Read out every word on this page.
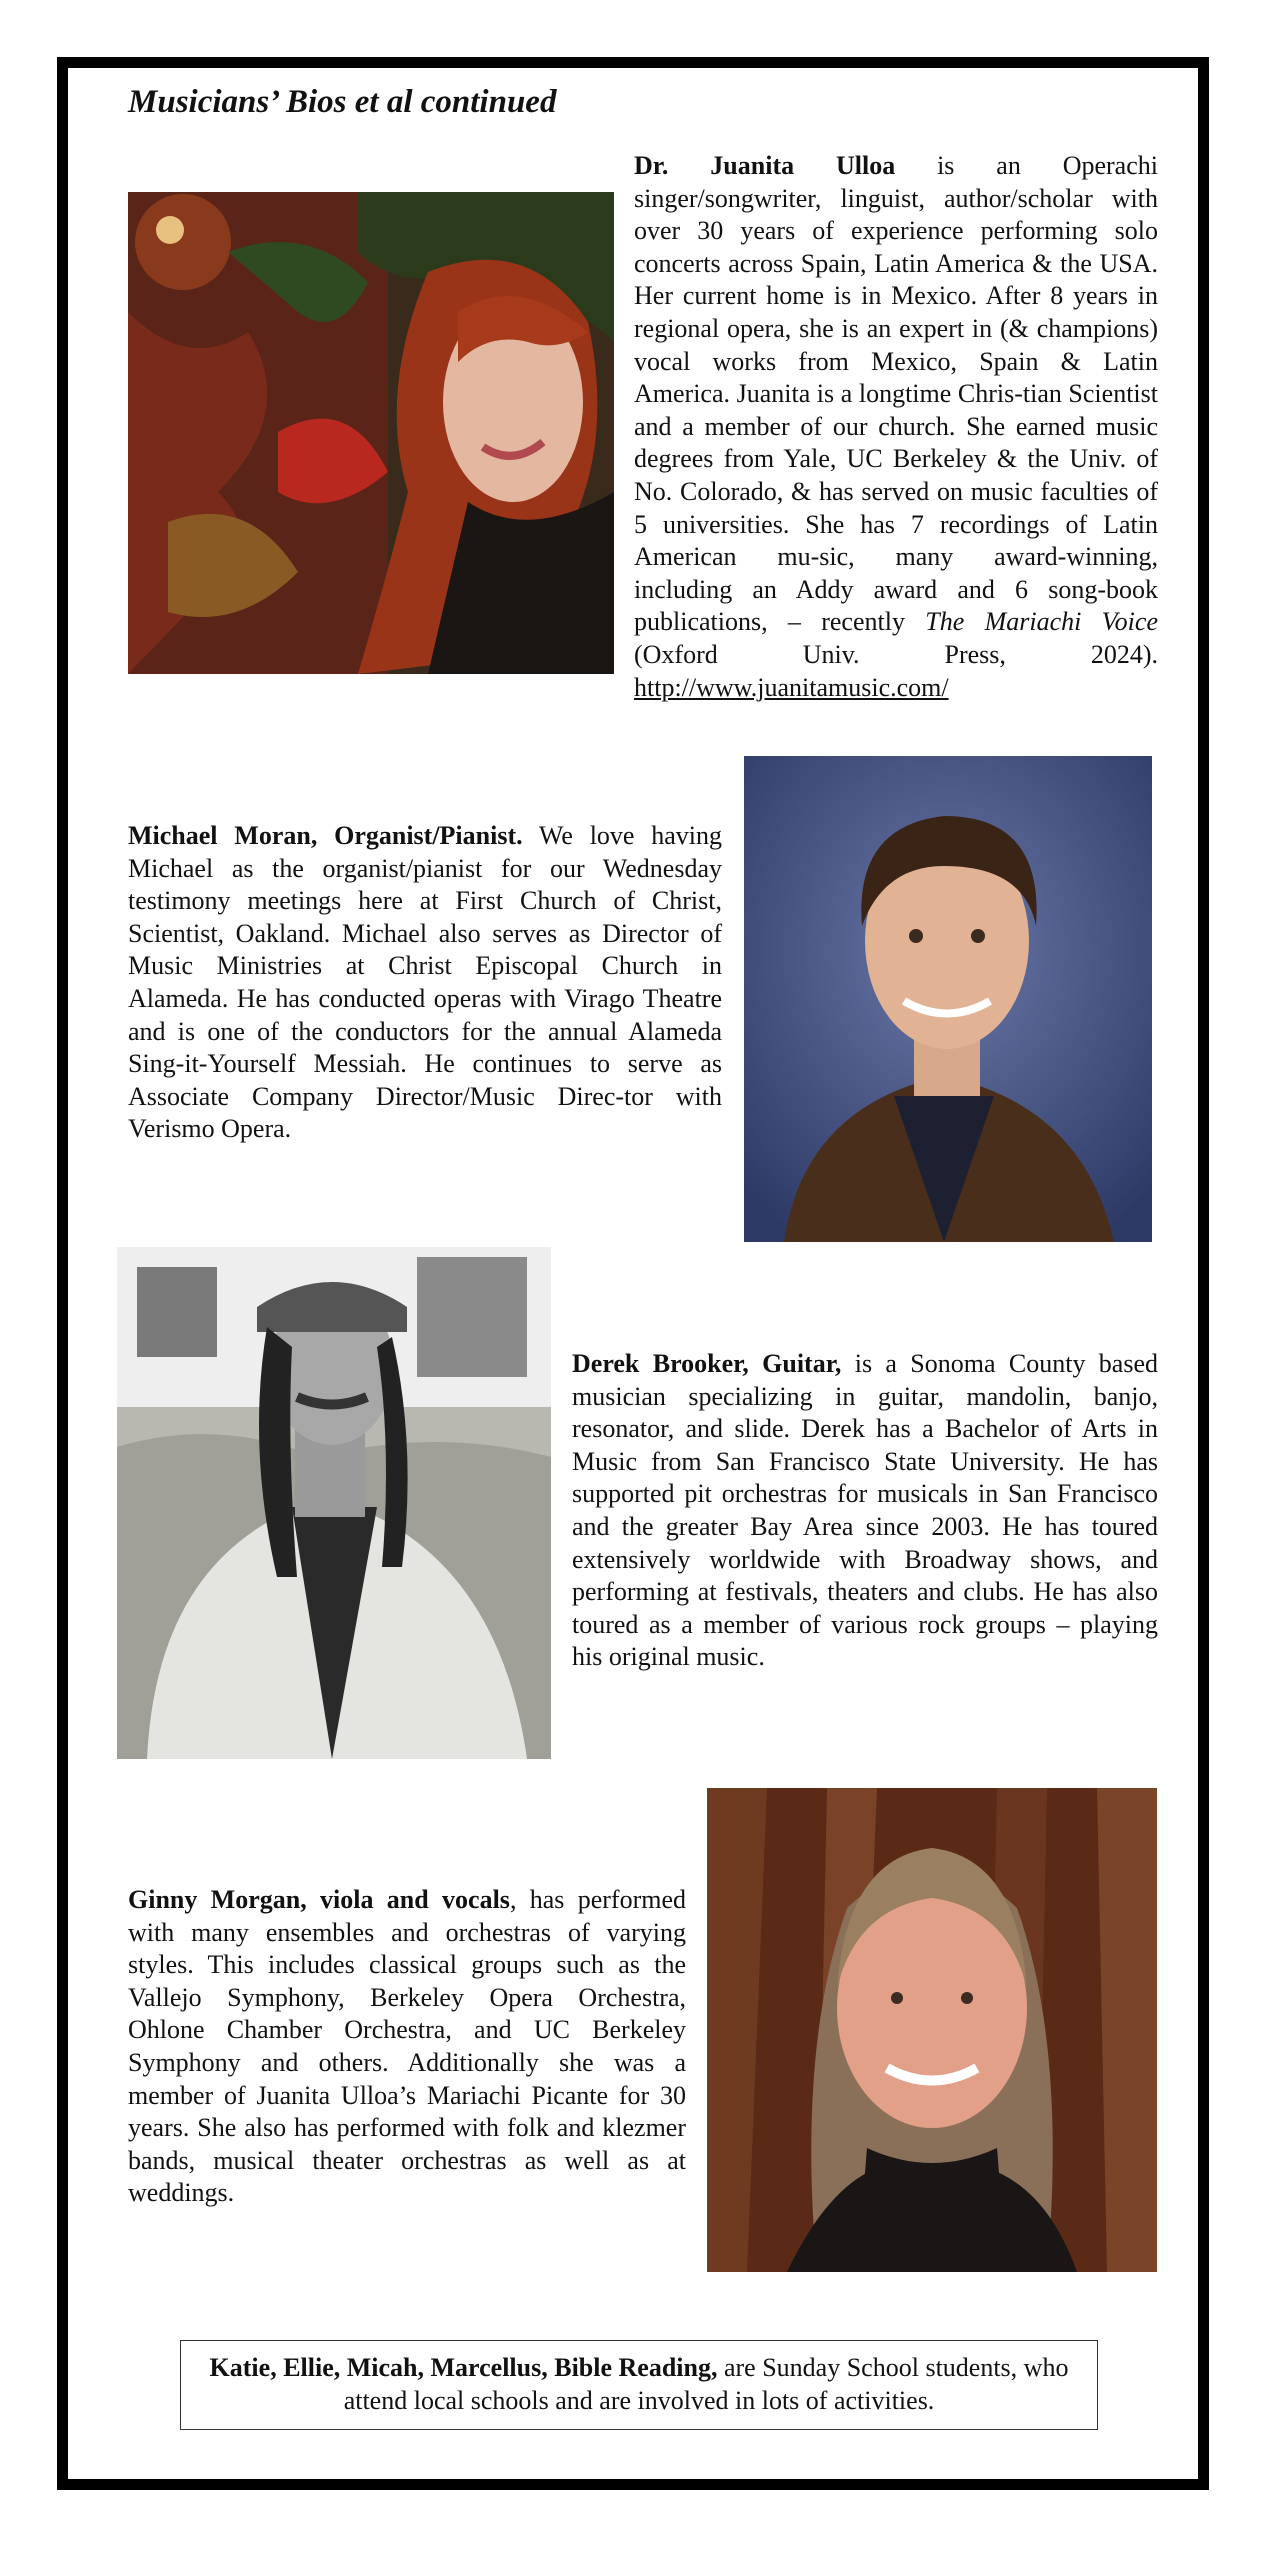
Musicians’ Bios et al continued

Dr. Juanita Ulloa is an Operachi singer/songwriter, linguist, author/scholar with over 30 years of experience performing solo concerts across Spain, Latin America & the USA. Her current home is in Mexico. After 8 years in regional opera, she is an expert in (& champions) vocal works from Mexico, Spain & Latin America. Juanita is a longtime Chris-tian Scientist and a member of our church. She earned music degrees from Yale, UC Berkeley & the Univ. of No. Colorado, & has served on music faculties of 5 universities. She has 7 recordings of Latin American mu-sic, many award-winning, including an Addy award and 6 song-book publications, – recently The Mariachi Voice (Oxford Univ. Press, 2024). http://www.juanitamusic.com/

Michael Moran, Organist/Pianist. We love having Michael as the organist/pianist for our Wednesday testimony meetings here at First Church of Christ, Scientist, Oakland. Michael also serves as Director of Music Ministries at Christ Episcopal Church in Alameda. He has conducted operas with Virago Theatre and is one of the conductors for the annual Alameda Sing-it-Yourself Messiah. He continues to serve as Associate Company Director/Music Direc-tor with Verismo Opera.

Derek Brooker, Guitar, is a Sonoma County based musician specializing in guitar, mandolin, banjo, resonator, and slide. Derek has a Bachelor of Arts in Music from San Francisco State University. He has supported pit orchestras for musicals in San Francisco and the greater Bay Area since 2003. He has toured extensively worldwide with Broadway shows, and performing at festivals, theaters and clubs. He has also toured as a member of various rock groups – playing his original music.

Ginny Morgan, viola and vocals, has performed with many ensembles and orchestras of varying styles. This includes classical groups such as the Vallejo Symphony, Berkeley Opera Orchestra, Ohlone Chamber Orchestra, and UC Berkeley Symphony and others. Additionally she was a member of Juanita Ulloa’s Mariachi Picante for 30 years. She also has performed with folk and klezmer bands, musical theater orchestras as well as at weddings.

Katie, Ellie, Micah, Marcellus, Bible Reading, are Sunday School students, who attend local schools and are involved in lots of activities.
